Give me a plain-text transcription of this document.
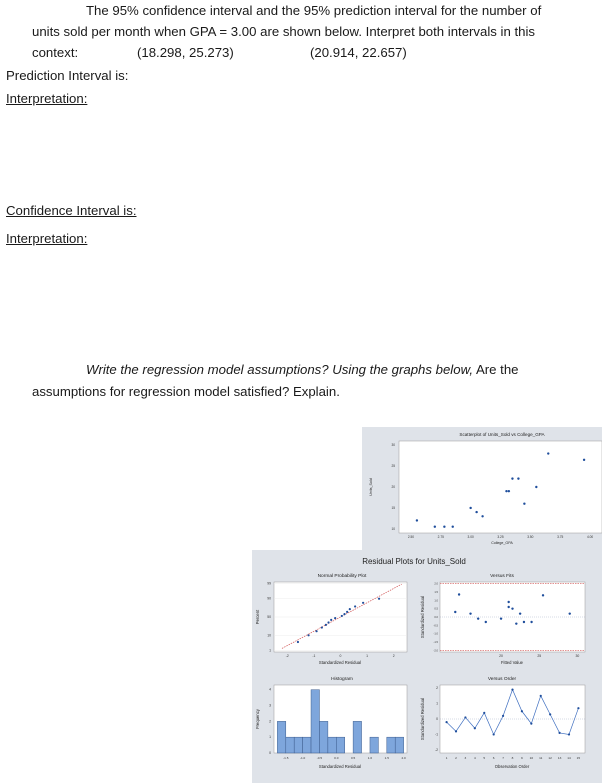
The 95% confidence interval and the 95% prediction interval for the number of
units sold per month when GPA = 3.00 are shown below. Interpret both intervals in this
context:	(18.298, 25.273)	(20.914, 22.657)
Prediction Interval is:
Interpretation:
Confidence Interval is:
Interpretation:
Write the regression model assumptions? Using the graphs below, Are the
assumptions for regression model satisfied? Explain.
Scatterplot of Units_Sold vs College_GPA
College_GPA
Units_Sold
2.50	2.75	3.00	3.25	3.50	3.75	4.00
30
25
20
15
10
Residual Plots for Units_Sold
Normal Probability Plot
Standardized Residual
Percent
Versus Fits
Fitted Value
Standardized Residual
Histogram
Standardized Residual
Frequency
Versus Order
Observation Order
Standardized Residual
99
90
50
10
1
-2	-1	0	1	2
2.0
1.5
1.0
0.5
0.0
-0.5
-1.0
-1.5
-2.0
20	25	30
4
3
2
1
0
-1.5	-1.0	-0.5	0.0	0.5	1.0	1.5	2.0
2
1
0
-1
-2
1 2 3 4 5 6 7 8 9 10 11 12 13 14 15
